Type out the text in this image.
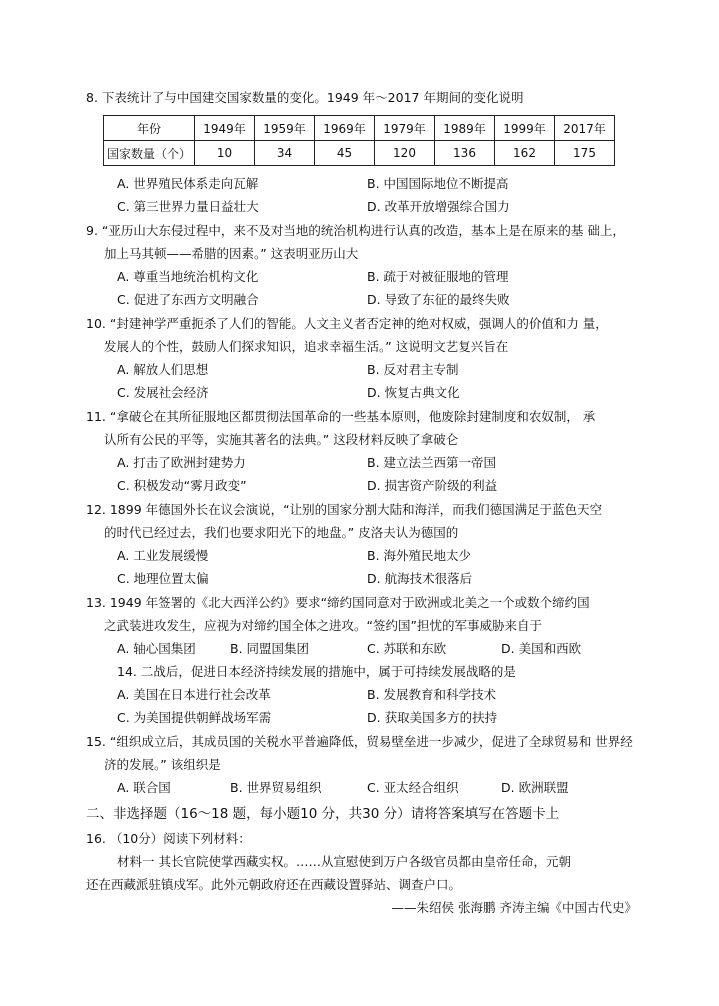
8. 下表统计了与中国建交国家数量的变化。1949 年～2017 年期间的变化说明
年份	1949年	1959年	1969年	1979年	1989年	1999年	2017年
国家数量（个）	10	34	45	120	136	162	175
A. 世界殖民体系走向瓦解	B. 中国国际地位不断提高
C. 第三世界力量日益壮大	D. 改革开放增强综合国力
9. “亚历山大东侵过程中，来不及对当地的统治机构进行认真的改造，基本上是在原来的基 础上，
加上马其顿——希腊的因素。” 这表明亚历山大
A. 尊重当地统治机构文化	B. 疏于对被征服地的管理
C. 促进了东西方文明融合	D. 导致了东征的最终失败
10. “封建神学严重扼杀了人们的智能。人文主义者否定神的绝对权威，强调人的价值和力 量，
发展人的个性，鼓励人们探求知识，追求幸福生活。” 这说明文艺复兴旨在
A. 解放人们思想	B. 反对君主专制
C. 发展社会经济	D. 恢复古典文化
11. “拿破仑在其所征服地区都贯彻法国革命的一些基本原则，他废除封建制度和农奴制， 承
认所有公民的平等，实施其著名的法典。” 这段材料反映了拿破仑
A. 打击了欧洲封建势力	B. 建立法兰西第一帝国
C. 积极发动“雾月政变”	D. 损害资产阶级的利益
12. 1899 年德国外长在议会演说，“让别的国家分割大陆和海洋，而我们德国满足于蓝色天空
的时代已经过去，我们也要求阳光下的地盘。” 皮洛夫认为德国的
A. 工业发展缓慢	B. 海外殖民地太少
C. 地理位置太偏	D. 航海技术很落后
13. 1949 年签署的《北大西洋公约》要求“缔约国同意对于欧洲或北美之一个或数个缔约国
之武装进攻发生，应视为对缔约国全体之进攻。“签约国”担忧的军事威胁来自于
A. 轴心国集团	B. 同盟国集团	C. 苏联和东欧	D. 美国和西欧
14. 二战后，促进日本经济持续发展的措施中，属于可持续发展战略的是
A. 美国在日本进行社会改革	B. 发展教育和科学技术
C. 为美国提供朝鲜战场军需	D. 获取美国多方的扶持
15. “组织成立后，其成员国的关税水平普遍降低，贸易壁垒进一步减少，促进了全球贸易和 世界经
济的发展。” 该组织是
A. 联合国	B. 世界贸易组织	C. 亚太经合组织	D. 欧洲联盟
二、非选择题（16～18 题，每小题10 分，共30 分）请将答案填写在答题卡上
16. （10分）阅读下列材料：
材料一 其长官院使掌西藏实权。……从宣慰使到万户各级官员都由皇帝任命，元朝
还在西藏派驻镇戍军。此外元朝政府还在西藏设置驿站、调查户口。
——朱绍侯 张海鹏 齐涛主编《中国古代史》
